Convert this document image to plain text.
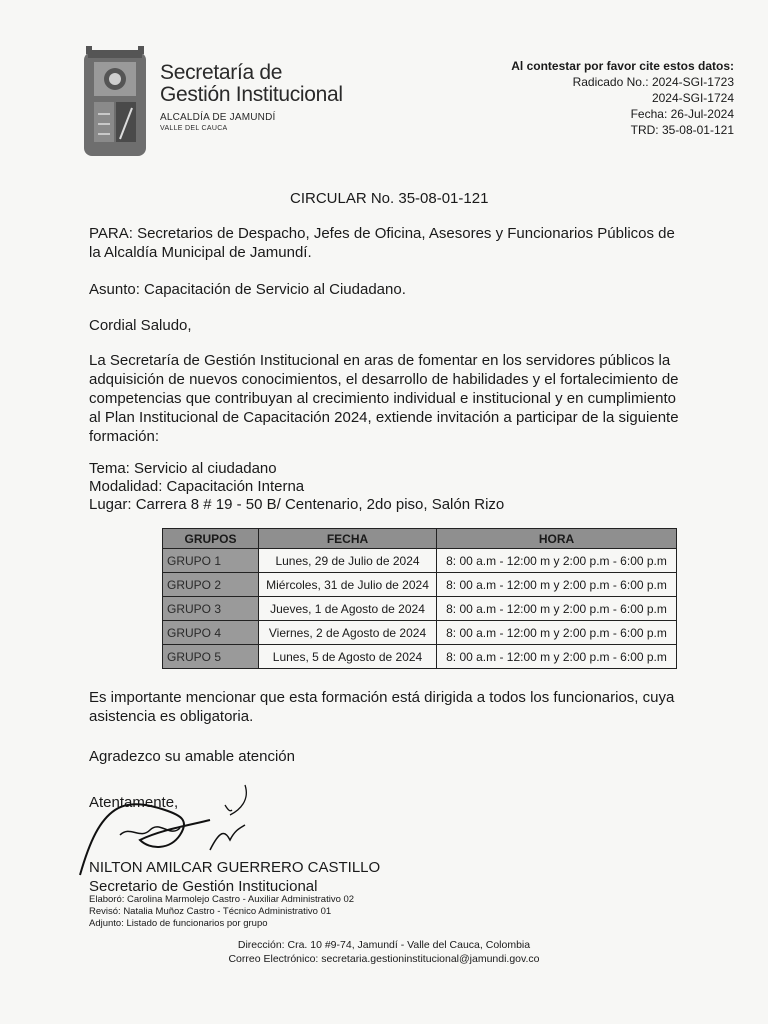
Secretaría de
Gestión Institucional
ALCALDÍA DE JAMUNDÍ
VALLE DEL CAUCA
Al contestar por favor cite estos datos:
Radicado No.: 2024-SGI-1723
2024-SGI-1724
Fecha: 26-Jul-2024
TRD: 35-08-01-121
CIRCULAR No. 35-08-01-121
PARA: Secretarios de Despacho, Jefes de Oficina, Asesores y Funcionarios Públicos de la Alcaldía Municipal de Jamundí.
Asunto: Capacitación de Servicio al Ciudadano.
Cordial Saludo,
La Secretaría de Gestión Institucional en aras de fomentar en los servidores públicos la adquisición de nuevos conocimientos, el desarrollo de habilidades y el fortalecimiento de competencias que contribuyan al crecimiento individual e institucional y en cumplimiento al Plan Institucional de Capacitación 2024, extiende invitación a participar de la siguiente formación:
Tema: Servicio al ciudadano
Modalidad: Capacitación Interna
Lugar: Carrera 8 # 19 - 50 B/ Centenario, 2do piso, Salón Rizo
GRUPOS	FECHA	HORA
GRUPO 1	Lunes, 29 de Julio de 2024	8: 00 a.m - 12:00 m y 2:00 p.m - 6:00 p.m
GRUPO 2	Miércoles, 31 de Julio de 2024	8: 00 a.m - 12:00 m y 2:00 p.m - 6:00 p.m
GRUPO 3	Jueves, 1 de Agosto de 2024	8: 00 a.m - 12:00 m y 2:00 p.m - 6:00 p.m
GRUPO 4	Viernes, 2 de Agosto de 2024	8: 00 a.m - 12:00 m y 2:00 p.m - 6:00 p.m
GRUPO 5	Lunes, 5 de Agosto de 2024	8: 00 a.m - 12:00 m y 2:00 p.m - 6:00 p.m
Es importante mencionar que esta formación está dirigida a todos los funcionarios, cuya asistencia es obligatoria.
Agradezco su amable atención
Atentamente,
NILTON AMILCAR GUERRERO CASTILLO
Secretario de Gestión Institucional
Elaboró: Carolina Marmolejo Castro - Auxiliar Administrativo 02
Revisó: Natalia Muñoz Castro - Técnico Administrativo 01
Adjunto: Listado de funcionarios por grupo
Dirección: Cra. 10 #9-74, Jamundí - Valle del Cauca, Colombia
Correo Electrónico: secretaria.gestioninstitucional@jamundi.gov.co
